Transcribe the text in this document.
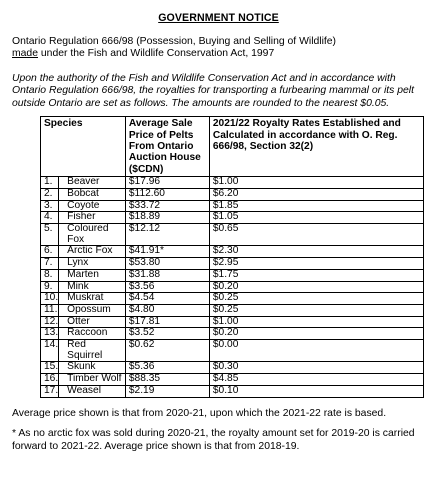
GOVERNMENT NOTICE
Ontario Regulation 666/98 (Possession, Buying and Selling of Wildlife)
made under the Fish and Wildlife Conservation Act, 1997
Upon the authority of the Fish and Wildlife Conservation Act and in accordance with Ontario Regulation 666/98, the royalties for transporting a furbearing mammal or its pelt outside Ontario are set as follows. The amounts are rounded to the nearest $0.05.
Species		Average Sale Price of Pelts From Ontario Auction House ($CDN)	2021/22 Royalty Rates Established and Calculated in accordance with O. Reg. 666/98, Section 32(2)
1.	Beaver	$17.96	$1.00
2.	Bobcat	$112.60	$6.20
3.	Coyote	$33.72	$1.85
4.	Fisher	$18.89	$1.05
5.	Coloured Fox	$12.12	$0.65
6.	Arctic Fox	$41.91*	$2.30
7.	Lynx	$53.80	$2.95
8.	Marten	$31.88	$1.75
9.	Mink	$3.56	$0.20
10.	Muskrat	$4.54	$0.25
11.	Opossum	$4.80	$0.25
12.	Otter	$17.81	$1.00
13.	Raccoon	$3.52	$0.20
14.	Red Squirrel	$0.62	$0.00
15.	Skunk	$5.36	$0.30
16.	Timber Wolf	$88.35	$4.85
17.	Weasel	$2.19	$0.10
Average price shown is that from 2020-21, upon which the 2021-22 rate is based.
* As no arctic fox was sold during 2020-21, the royalty amount set for 2019-20 is carried forward to 2021-22. Average price shown is that from 2018-19.
